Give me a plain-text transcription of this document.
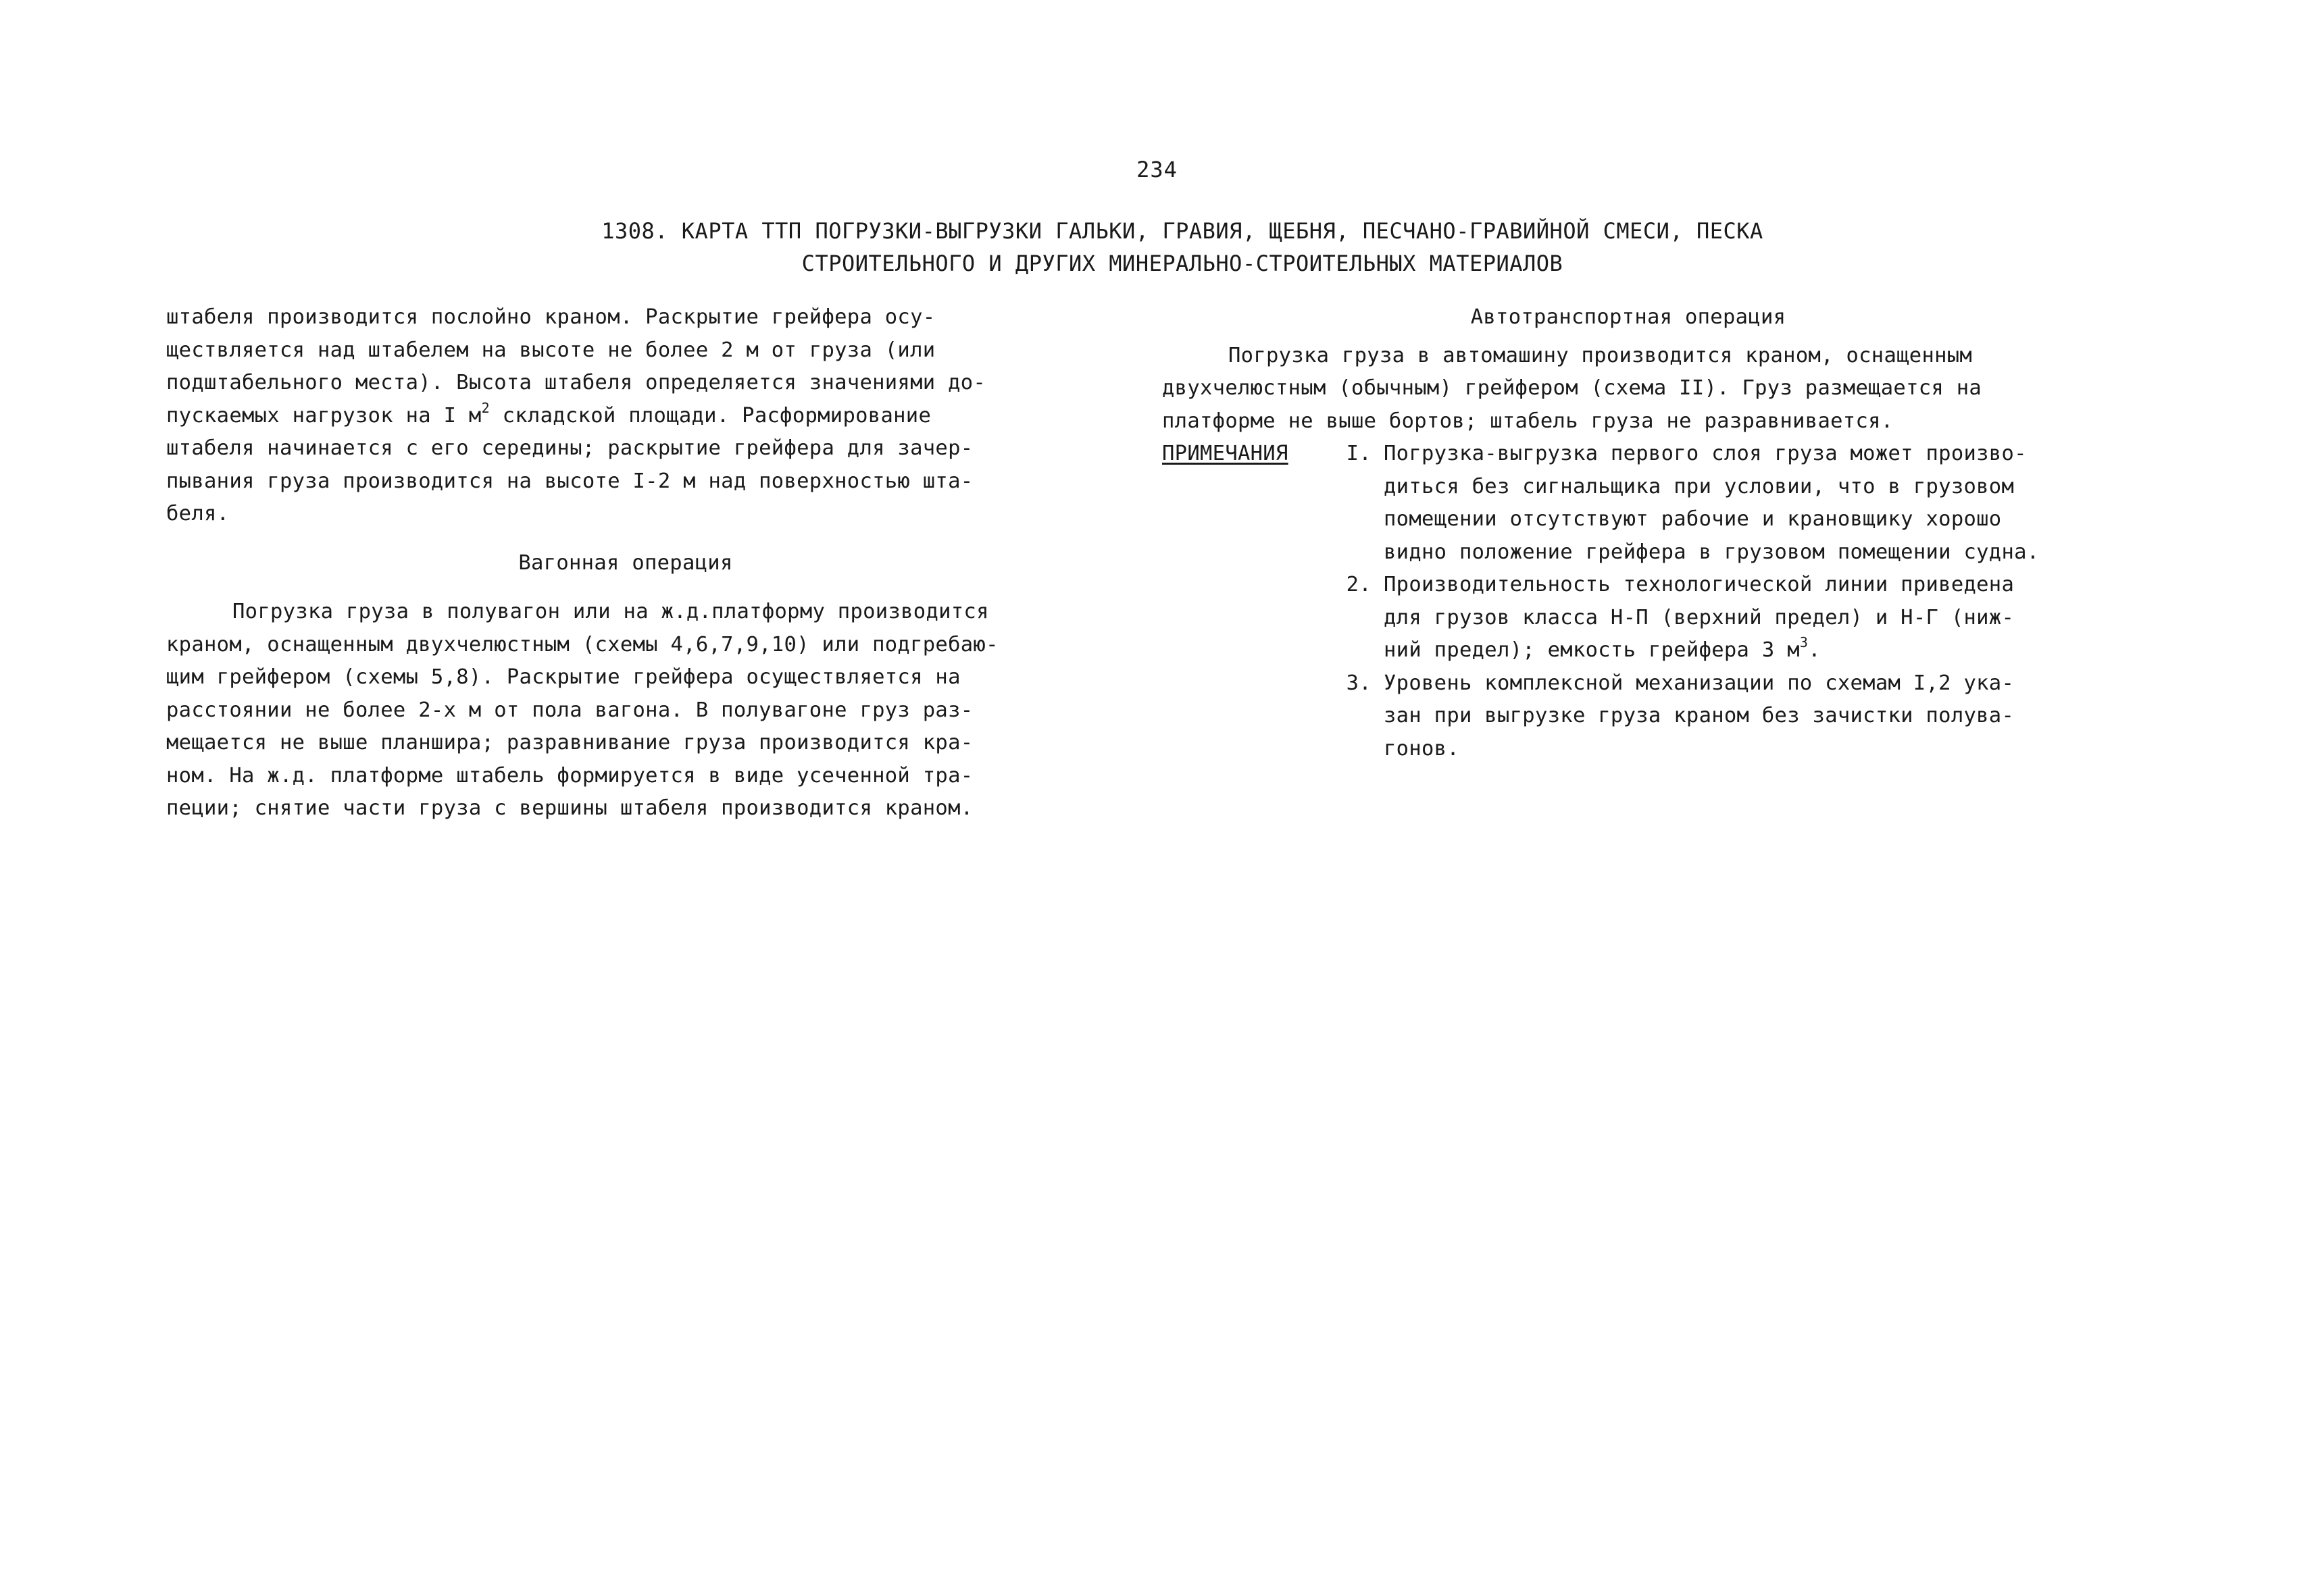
234
1308. КАРТА ТТП ПОГРУЗКИ-ВЫГРУЗКИ ГАЛЬКИ, ГРАВИЯ, ЩЕБНЯ, ПЕСЧАНО-ГРАВИЙНОЙ СМЕСИ, ПЕСКА
СТРОИТЕЛЬНОГО И ДРУГИХ МИНЕРАЛЬНО-СТРОИТЕЛЬНЫХ МАТЕРИАЛОВ
штабеля производится послойно краном. Раскрытие грейфера осу-
ществляется над штабелем на высоте не более 2 м от груза (или
подштабельного места). Высота штабеля определяется значениями до-
пускаемых нагрузок на I $м^2$ складской площади. Расформирование
штабеля начинается с его середины; раскрытие грейфера для зачер-
пывания груза производится на высоте I-2 м над поверхностью шта-
беля.
Вагонная операция
Погрузка груза в полувагон или на ж.д.платформу производится
краном, оснащенным двухчелюстным (схемы 4,6,7,9,10) или подгребаю-
щим грейфером (схемы 5,8). Раскрытие грейфера осуществляется на
расстоянии не более 2-х м от пола вагона. В полувагоне груз раз-
мещается не выше планшира; разравнивание груза производится кра-
ном. На ж.д. платформе штабель формируется в виде усеченной тра-
пеции; снятие части груза с вершины штабеля производится краном.
Автотранспортная операция
Погрузка груза в автомашину производится краном, оснащенным
двухчелюстным (обычным) грейфером (схема II). Груз размещается на
платформе не выше бортов; штабель груза не разравнивается.
ПРИМЕЧАНИЯ	I. Погрузка-выгрузка первого слоя груза может произво-
диться без сигнальщика при условии, что в грузовом
помещении отсутствуют рабочие и крановщику хорошо
видно положение грейфера в грузовом помещении судна.
2. Производительность технологической линии приведена
для грузов класса Н-П (верхний предел) и Н-Г (ниж-
ний предел); емкость грейфера 3 $м^3$.
3. Уровень комплексной механизации по схемам I,2 ука-
зан при выгрузке груза краном без зачистки полува-
гонов.
